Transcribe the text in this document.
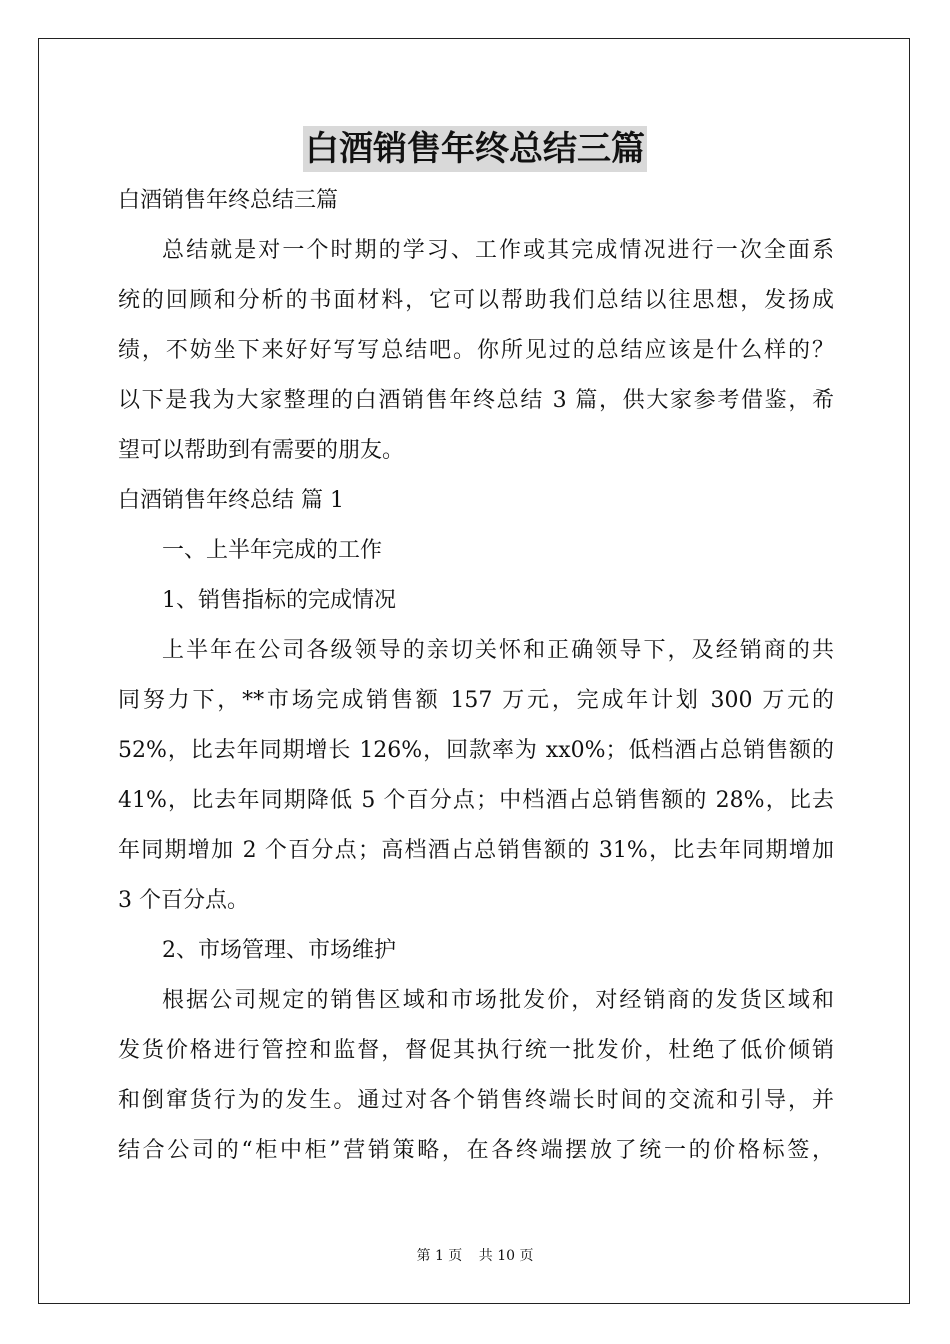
白酒销售年终总结三篇
白酒销售年终总结三篇
总结就是对一个时期的学习、工作或其完成情况进行一次全面系
统的回顾和分析的书面材料，它可以帮助我们总结以往思想，发扬成
绩，不妨坐下来好好写写总结吧。你所见过的总结应该是什么样的？
以下是我为大家整理的白酒销售年终总结 3 篇，供大家参考借鉴，希
望可以帮助到有需要的朋友。
白酒销售年终总结 篇 1
一、上半年完成的工作
1、销售指标的完成情况
上半年在公司各级领导的亲切关怀和正确领导下，及经销商的共
同努力下，**市场完成销售额 157 万元，完成年计划 300 万元的
52%，比去年同期增长 126%，回款率为 xx0%；低档酒占总销售额的
41%，比去年同期降低 5 个百分点；中档酒占总销售额的 28%，比去
年同期增加 2 个百分点；高档酒占总销售额的 31%，比去年同期增加
3 个百分点。
2、市场管理、市场维护
根据公司规定的销售区域和市场批发价，对经销商的发货区域和
发货价格进行管控和监督，督促其执行统一批发价，杜绝了低价倾销
和倒窜货行为的发生。通过对各个销售终端长时间的交流和引导，并
结合公司的“柜中柜”营销策略，在各终端摆放了统一的价格标签，
第 1 页 共 10 页
